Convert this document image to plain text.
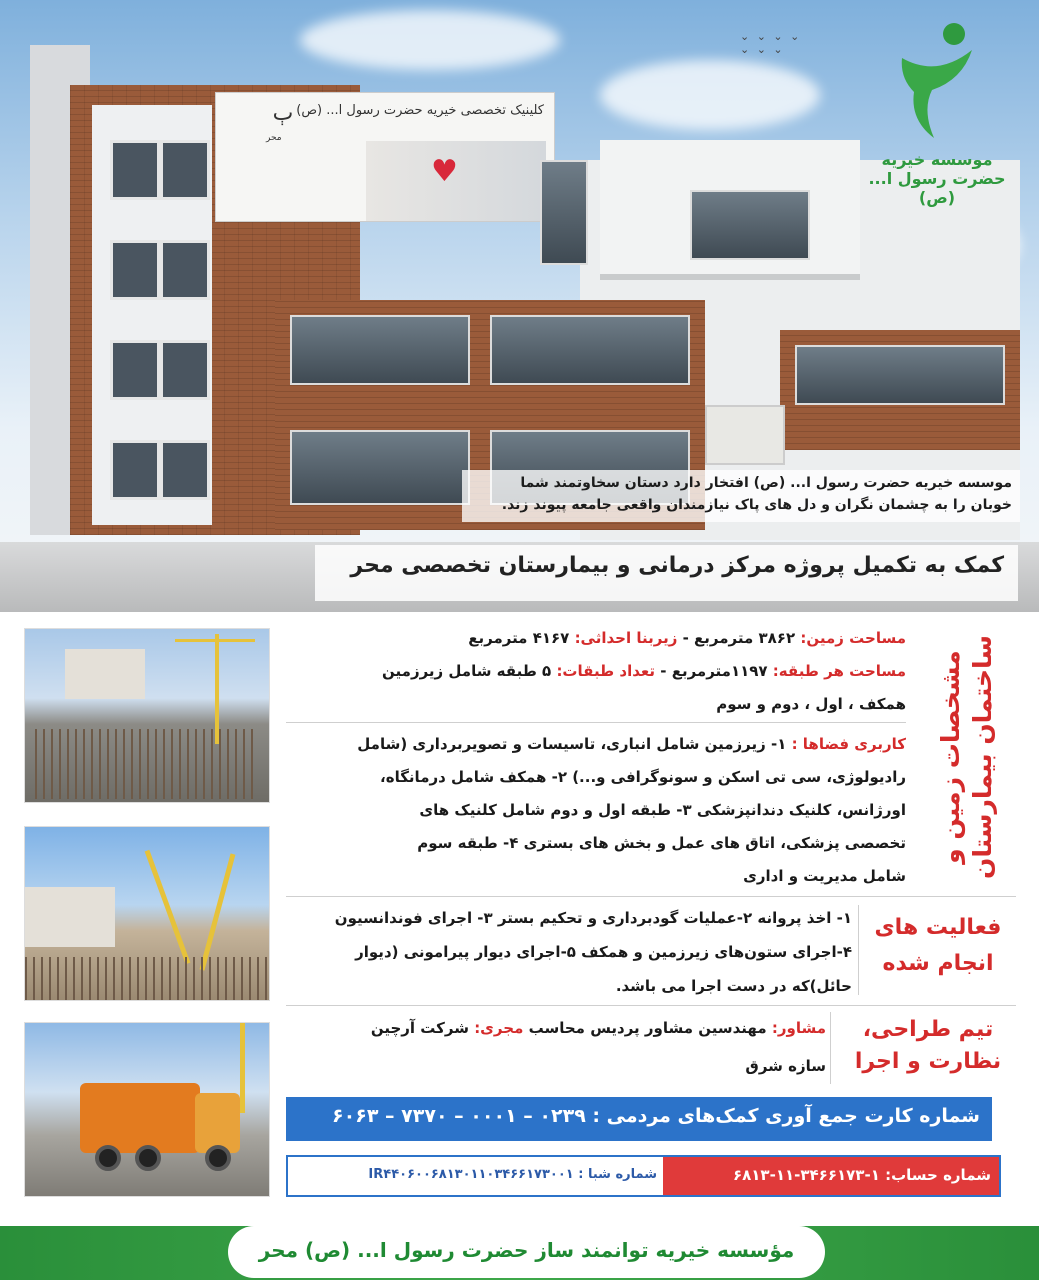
ٻ
محر
کلینیک تخصصی خیریه حضرت رسول ا... (ص)
♥
⌄ ⌄ ⌄ ⌄
⌄ ⌄ ⌄
موسسه خیریه حضرت رسول ا... (ص)
موسسه خیریه حضرت رسول ا... (ص) افتخار دارد دستان سخاوتمند شما
خوبان را به چشمان نگران و دل های پاک نیازمندان واقعی جامعه پیوند زند.
کمک به تکمیل پروژه مرکز درمانی و بیمارستان تخصصی محر
مشخصات زمین و ساختمان بیمارستان
مساحت زمین: ۳۸۶۲ مترمربع - زیربنا احداثی: ۴۱۶۷ مترمربع
مساحت هر طبقه: ۱۱۹۷مترمربع - تعداد طبقات: ۵ طبقه شامل زیرزمین
همکف ، اول ، دوم و سوم
کاربری فضاها : ۱- زیرزمین شامل انباری، تاسیسات و تصویربرداری (شامل
رادیولوژی، سی تی اسکن و سونوگرافی و...) ۲- همکف شامل درمانگاه،
اورژانس، کلنیک دندانپزشکی ۳- طبقه اول و دوم شامل کلنیک های
تخصصی پزشکی، اتاق های عمل و بخش های بستری ۴- طبقه سوم
شامل مدیریت و اداری
فعالیت های
انجام شده
۱- اخذ پروانه ۲-عملیات گودبرداری و تحکیم بستر ۳- اجرای فوندانسیون
۴-اجرای ستون‌های زیرزمین و همکف ۵-اجرای دیوار پیرامونی (دیوار
حائل)که در دست اجرا می باشد.
تیم طراحی،
نظارت و اجرا
مشاور: مهندسین مشاور پردیس محاسب مجری: شرکت آرچین
سازه شرق
شماره کارت جمع آوری کمک‌های مردمی : ۰۲۳۹ – ۰۰۰۱ – ۷۳۷۰ – ۶۰۶۳
شماره حساب: ۱-۳۴۶۶۱۷۳-۱۱-۶۸۱۳
شماره شبا : IR۴۴۰۶۰۰۶۸۱۳۰۱۱۰۳۴۶۶۱۷۳۰۰۱
مؤسسه خیریه توانمند ساز حضرت رسول ا... (ص) محر
